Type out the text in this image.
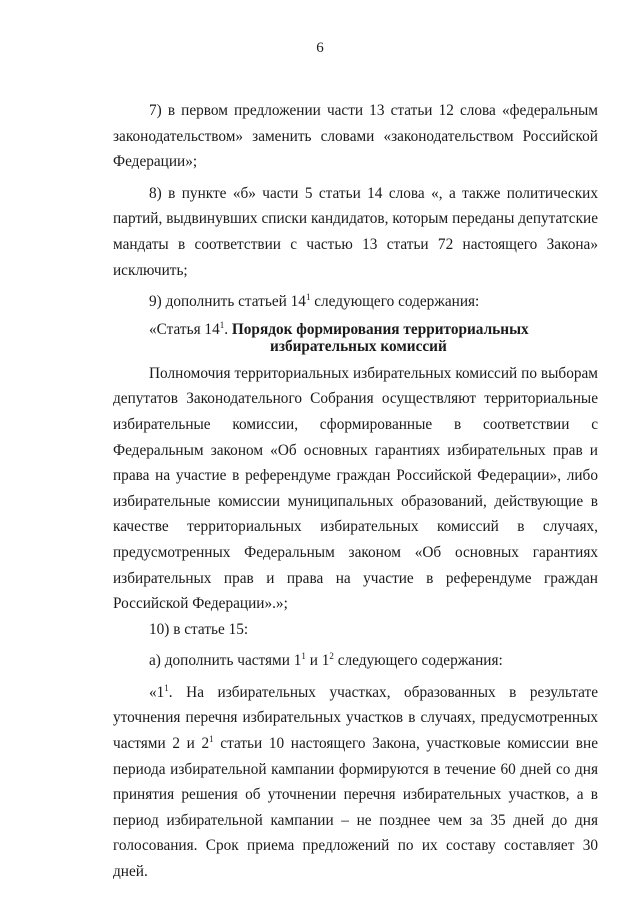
6

7) в первом предложении части 13 статьи 12 слова «федеральным законодательством» заменить словами «законодательством Российской Федерации»;

8) в пункте «б» части 5 статьи 14 слова «, а также политических партий, выдвинувших списки кандидатов, которым переданы депутатские мандаты в соответствии с частью 13 статьи 72 настоящего Закона» исключить;

9) дополнить статьей $14^1$ следующего содержания:

«Статья $14^1$. Порядок формирования территориальных
избирательных комиссий

Полномочия территориальных избирательных комиссий по выборам депутатов Законодательного Собрания осуществляют территориальные избирательные комиссии, сформированные в соответствии с Федеральным законом «Об основных гарантиях избирательных прав и права на участие в референдуме граждан Российской Федерации», либо избирательные комиссии муниципальных образований, действующие в качестве территориальных избирательных комиссий в случаях, предусмотренных Федеральным законом «Об основных гарантиях избирательных прав и права на участие в референдуме граждан Российской Федерации».»;

10) в статье 15:

а) дополнить частями $1^1$ и $1^2$ следующего содержания:

«$1^1$. На избирательных участках, образованных в результате уточнения перечня избирательных участков в случаях, предусмотренных частями 2 и $2^1$ статьи 10 настоящего Закона, участковые комиссии вне периода избирательной кампании формируются в течение 60 дней со дня принятия решения об уточнении перечня избирательных участков, а в период избирательной кампании – не позднее чем за 35 дней до дня голосования. Срок приема предложений по их составу составляет 30 дней.
